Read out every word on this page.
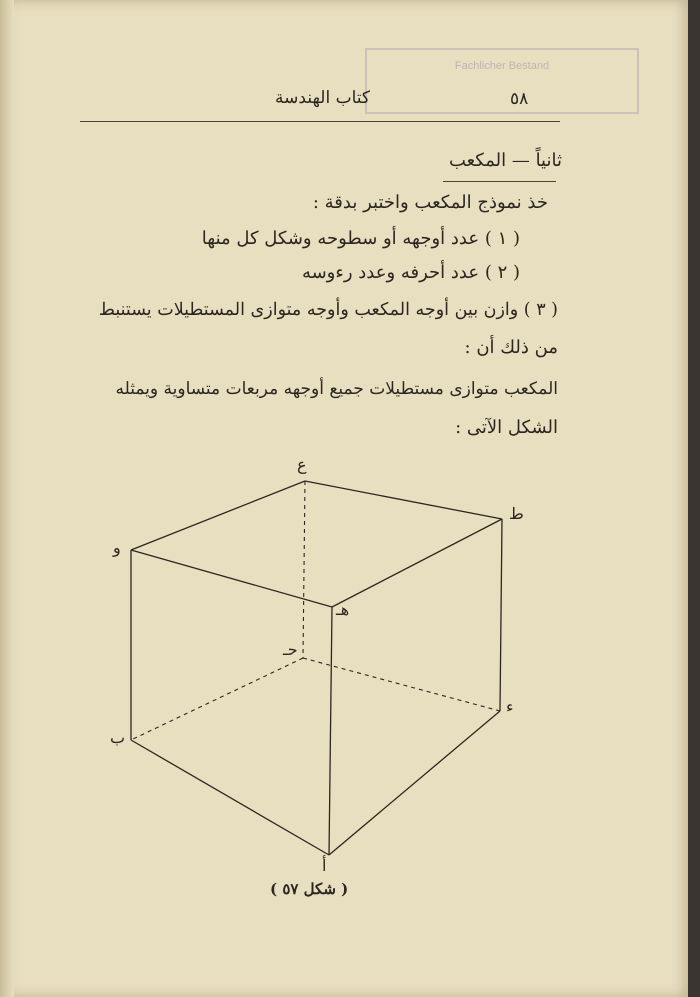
Fachlicher Bestand
كتاب الهندسة	٥٨
ثانياً — المكعب
خذ نموذج المكعب واختبر بدقة :
( ١ ) عدد أوجهه أو سطوحه وشكل كل منها
( ٢ ) عدد أحرفه وعدد رءوسه
( ٣ ) وازن بين أوجه المكعب وأوجه متوازى المستطيلات يستنبط
من ذلك أن :
المكعب متوازى مستطيلات جميع أوجهه مربعات متساوية ويمثله
الشكل الآتى :
ع
ط
و
هـ
حـ
ء
ب
أ
( شكل ٥٧ )
